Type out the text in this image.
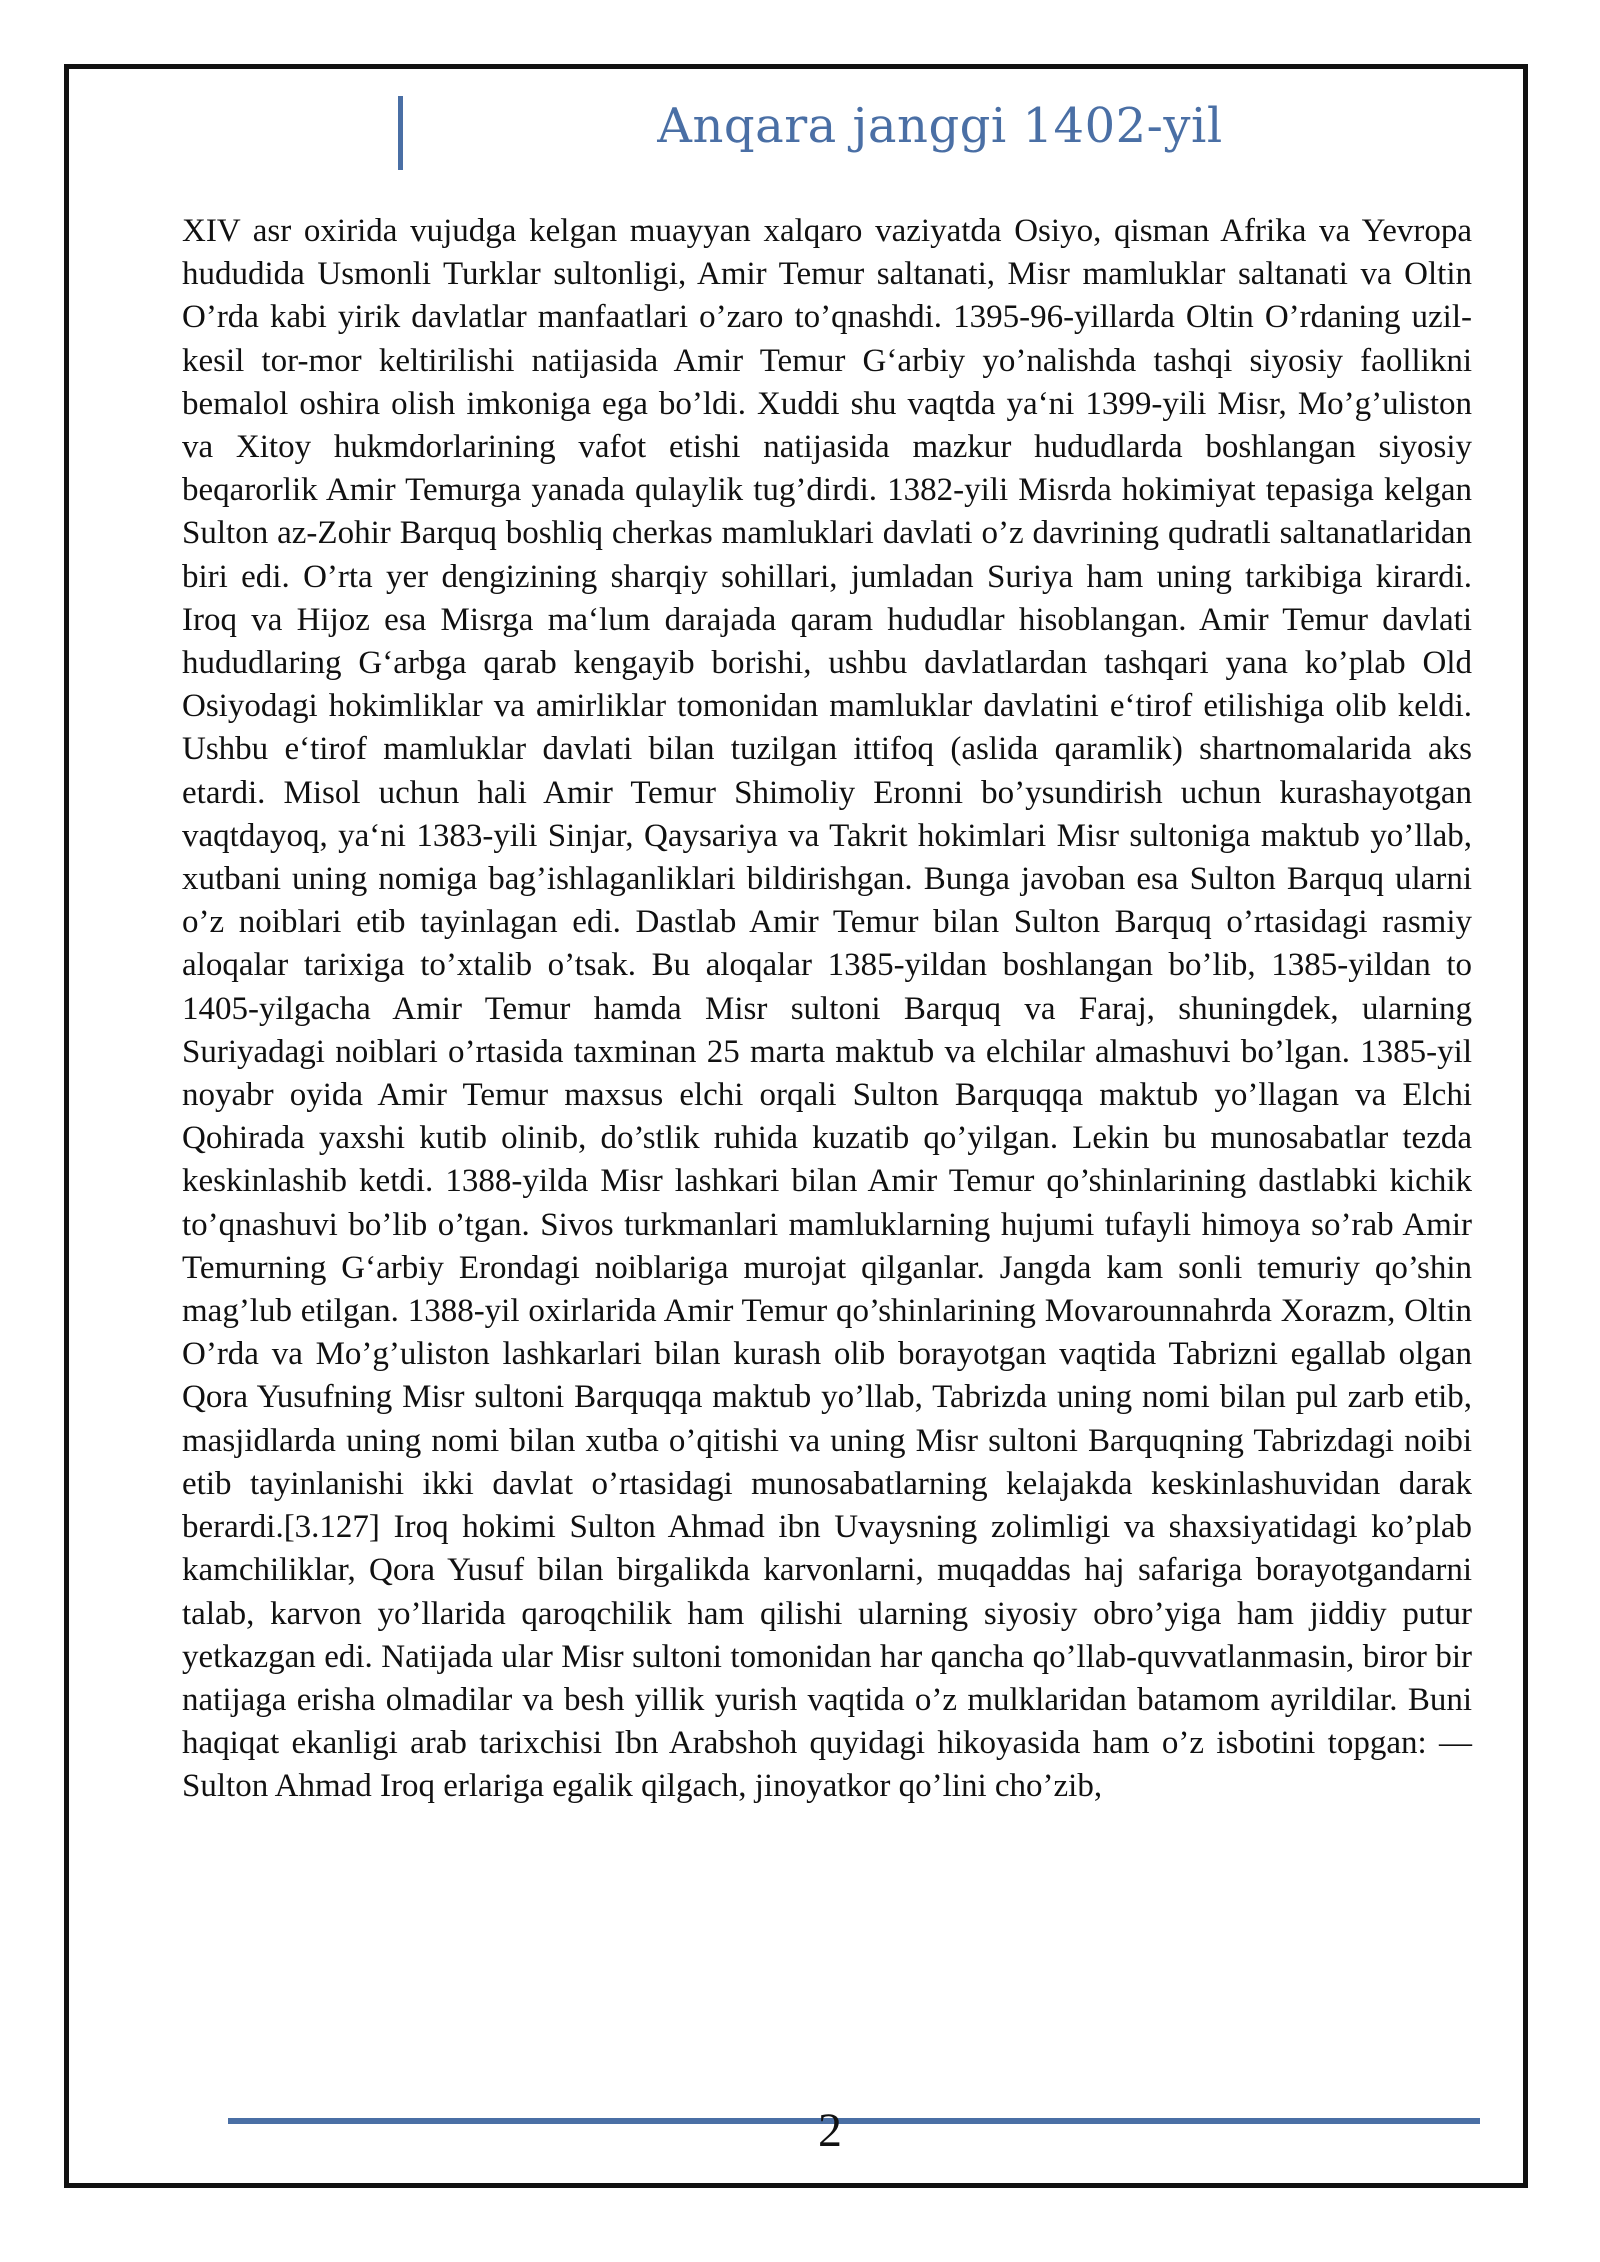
Anqara janggi 1402-yil
XIV asr oxirida vujudga kelgan muayyan xalqaro vaziyatda Osiyo, qisman Afrika va Yevropa hududida Usmonli Turklar sultonligi, Amir Temur saltanati, Misr mamluklar saltanati va Oltin O’rda kabi yirik davlatlar manfaatlari o’zaro to’qnashdi. 1395-96-yillarda Oltin O’rdaning uzil-kesil tor-mor keltirilishi natijasida Amir Temur G‘arbiy yo’nalishda tashqi siyosiy faollikni bemalol oshira olish imkoniga ega bo’ldi. Xuddi shu vaqtda ya‘ni 1399-yili Misr, Mo’g’uliston va Xitoy hukmdorlarining vafot etishi natijasida mazkur hududlarda boshlangan siyosiy beqarorlik Amir Temurga yanada qulaylik tug’dirdi. 1382-yili Misrda hokimiyat tepasiga kelgan Sulton az-Zohir Barquq boshliq cherkas mamluklari davlati o’z davrining qudratli saltanatlaridan biri edi. O’rta yer dengizining sharqiy sohillari, jumladan Suriya ham uning tarkibiga kirardi. Iroq va Hijoz esa Misrga ma‘lum darajada qaram hududlar hisoblangan. Amir Temur davlati hududlaring G‘arbga qarab kengayib borishi, ushbu davlatlardan tashqari yana ko’plab Old Osiyodagi hokimliklar va amirliklar tomonidan mamluklar davlatini e‘tirof etilishiga olib keldi. Ushbu e‘tirof mamluklar davlati bilan tuzilgan ittifoq (aslida qaramlik) shartnomalarida aks etardi. Misol uchun hali Amir Temur Shimoliy Eronni bo’ysundirish uchun kurashayotgan vaqtdayoq, ya‘ni 1383-yili Sinjar, Qaysariya va Takrit hokimlari Misr sultoniga maktub yo’llab, xutbani uning nomiga bag’ishlaganliklari bildirishgan. Bunga javoban esa Sulton Barquq ularni o’z noiblari etib tayinlagan edi. Dastlab Amir Temur bilan Sulton Barquq o’rtasidagi rasmiy aloqalar tarixiga to’xtalib o’tsak. Bu aloqalar 1385-yildan boshlangan bo’lib, 1385-yildan to 1405-yilgacha Amir Temur hamda Misr sultoni Barquq va Faraj, shuningdek, ularning Suriyadagi noiblari o’rtasida taxminan 25 marta maktub va elchilar almashuvi bo’lgan. 1385-yil noyabr oyida Amir Temur maxsus elchi orqali Sulton Barquqqa maktub yo’llagan va Elchi Qohirada yaxshi kutib olinib, do’stlik ruhida kuzatib qo’yilgan. Lekin bu munosabatlar tezda keskinlashib ketdi. 1388-yilda Misr lashkari bilan Amir Temur qo’shinlarining dastlabki kichik to’qnashuvi bo’lib o’tgan. Sivos turkmanlari mamluklarning hujumi tufayli himoya so’rab Amir Temurning G‘arbiy Erondagi noiblariga murojat qilganlar. Jangda kam sonli temuriy qo’shin mag’lub etilgan. 1388-yil oxirlarida Amir Temur qo’shinlarining Movarounnahrda Xorazm, Oltin O’rda va Mo’g’uliston lashkarlari bilan kurash olib borayotgan vaqtida Tabrizni egallab olgan Qora Yusufning Misr sultoni Barquqqa maktub yo’llab, Tabrizda uning nomi bilan pul zarb etib, masjidlarda uning nomi bilan xutba o’qitishi va uning Misr sultoni Barquqning Tabrizdagi noibi etib tayinlanishi ikki davlat o’rtasidagi munosabatlarning kelajakda keskinlashuvidan darak berardi.[3.127] Iroq hokimi Sulton Ahmad ibn Uvaysning zolimligi va shaxsiyatidagi ko’plab kamchiliklar, Qora Yusuf bilan birgalikda karvonlarni, muqaddas haj safariga borayotgandarni talab, karvon yo’llarida qaroqchilik ham qilishi ularning siyosiy obro’yiga ham jiddiy putur yetkazgan edi. Natijada ular Misr sultoni tomonidan har qancha qo’llab-quvvatlanmasin, biror bir natijaga erisha olmadilar va besh yillik yurish vaqtida o’z mulklaridan batamom ayrildilar. Buni haqiqat ekanligi arab tarixchisi Ibn Arabshoh quyidagi hikoyasida ham o’z isbotini topgan: — Sulton Ahmad Iroq erlariga egalik qilgach, jinoyatkor qo’lini cho’zib,
2
